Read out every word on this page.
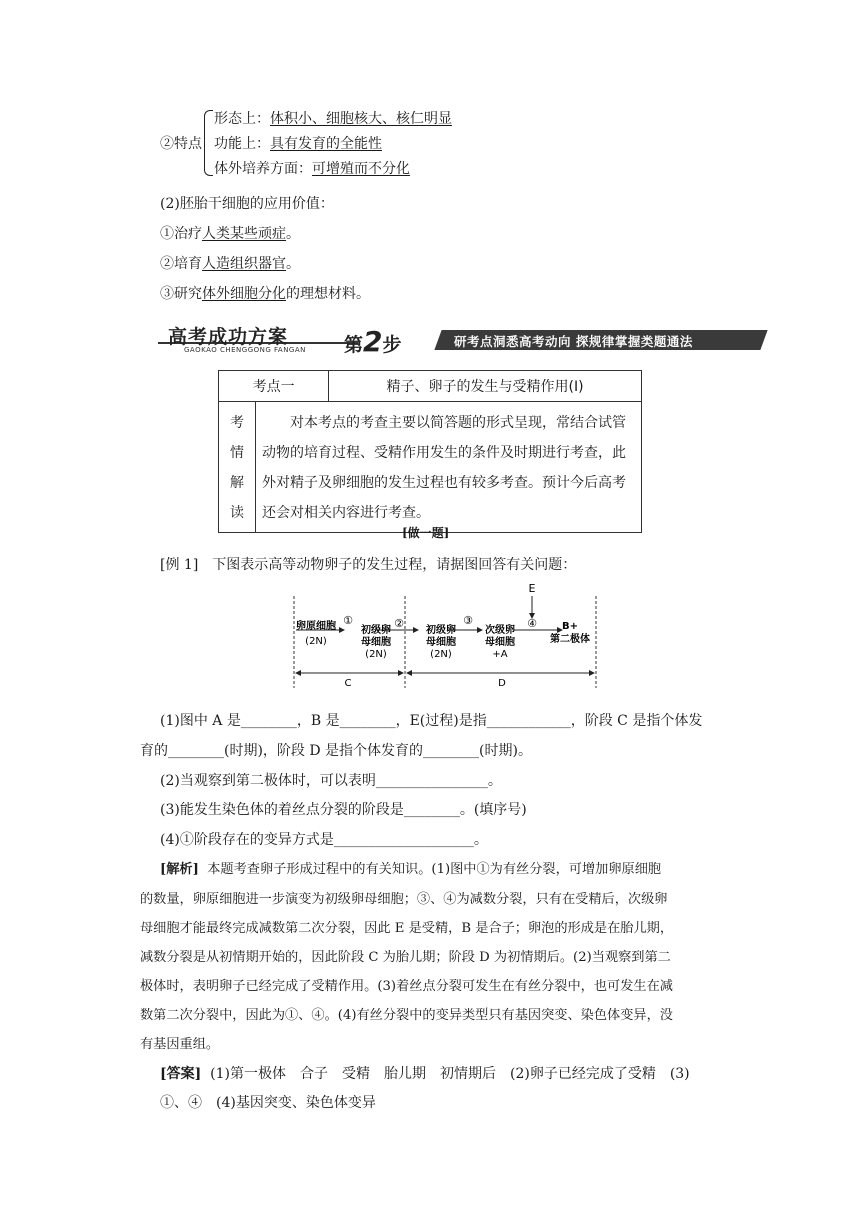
②特点
形态上：体积小、细胞核大、核仁明显
功能上：具有发育的全能性
体外培养方面：可增殖而不分化
(2)胚胎干细胞的应用价值：
①治疗人类某些顽症。
②培育人造组织器官。
③研究体外细胞分化的理想材料。
高考成功方案
GAOKAO CHENGGONG FANGAN 第2步	研考点洞悉高考动向 探规律掌握类题通法
考点一		精子、卵子的发生与受精作用(Ⅰ)

考
情
解
读	对本考点的考查主要以简答题的形式呈现，常结合试管动物的培育过程、受精作用发生的条件及时期进行考查，此外对精子及卵细胞的发生过程也有较多考查。预计今后高考还会对相关内容进行考查。	
[做一题]
[例 1]　下图表示高等动物卵子的发生过程，请据图回答有关问题：
E
卵原细胞
(2N)
初级卵
母细胞
(2N)
初级卵
母细胞
(2N)
次级卵
母细胞
+A
B+
第二极体
①	②	③	④
C	D
(1)图中 A 是________，B 是________，E(过程)是指____________，阶段 C 是指个体发
育的________(时期)，阶段 D 是指个体发育的________(时期)。
(2)当观察到第二极体时，可以表明________________。
(3)能发生染色体的着丝点分裂的阶段是________。(填序号)
(4)①阶段存在的变异方式是____________________。
[解析] 本题考查卵子形成过程中的有关知识。(1)图中①为有丝分裂，可增加卵原细胞
的数量，卵原细胞进一步演变为初级卵母细胞；③、④为减数分裂，只有在受精后，次级卵
母细胞才能最终完成减数第二次分裂，因此 E 是受精，B 是合子；卵泡的形成是在胎儿期，
减数分裂是从初情期开始的，因此阶段 C 为胎儿期；阶段 D 为初情期后。(2)当观察到第二
极体时，表明卵子已经完成了受精作用。(3)着丝点分裂可发生在有丝分裂中，也可发生在减
数第二次分裂中，因此为①、④。(4)有丝分裂中的变异类型只有基因突变、染色体变异，没
有基因重组。
[答案] (1)第一极体　合子　受精　胎儿期　初情期后　(2)卵子已经完成了受精　(3)
①、④　(4)基因突变、染色体变异
